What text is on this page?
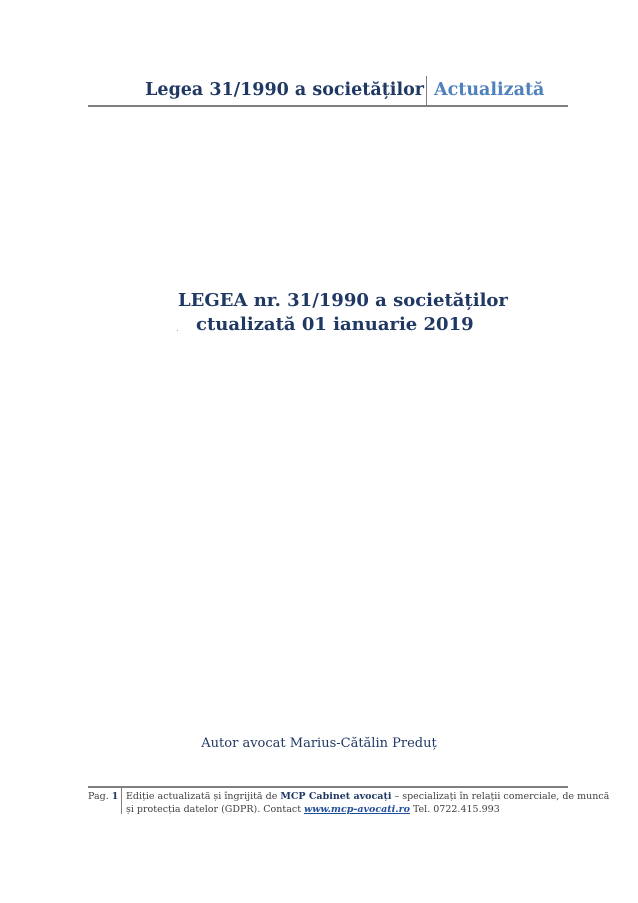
Legea 31/1990 a societăților Actualizată
LEGEA nr. 31/1990 a societăților
. ctualizată 01 ianuarie 2019
Autor avocat Marius-Cătălin Preduț
Pag. 1 Ediție actualizată și îngrijită de MCP Cabinet avocați – specializați în relații comerciale, de muncă
și protecția datelor (GDPR). Contact www.mcp-avocati.ro Tel. 0722.415.993
